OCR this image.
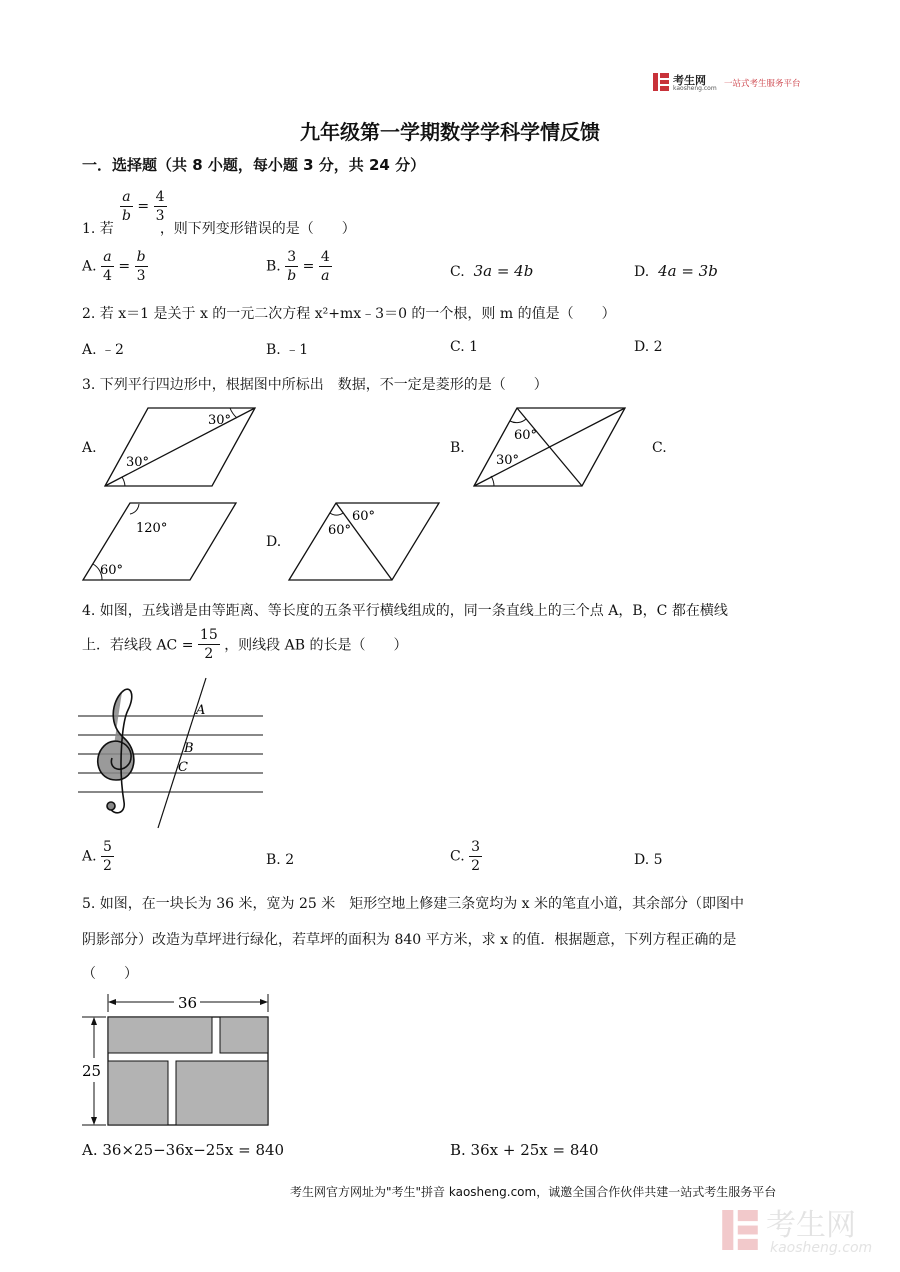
考生网
kaosheng.com 一站式考生服务平台
九年级第一学期数学学科学情反馈
一．选择题（共 8 小题，每小题 3 分，共 24 分）
$\frac{a}{b} = \frac{4}{3}$
1. 若	，则下列变形错误的是（　　）
A. $\frac{a}{4} = \frac{b}{3}$	B. $\frac{3}{b} = \frac{4}{a}$	C. 3a = 4b	D. 4a = 3b
2. 若 x＝1 是关于 x 的一元二次方程 x²+mx﹣3＝0 的一个根，则 m 的值是（　　）
A. ﹣2	B. ﹣1	C. 1	D. 2
3. 下列平行四边形中，根据图中所标出　数据，不一定是菱形的是（　　）
A.	B.	C.
D.
30°
30°
60°
30°
120°
60°
60°
60°
4. 如图，五线谱是由等距离、等长度的五条平行横线组成的，同一条直线上的三个点 A，B，C 都在横线
上．若线段 AC = $\frac{15}{2}$ ，则线段 AB 的长是（　　）
A
B
C
A. $\frac{5}{2}$	B. 2	C. $\frac{3}{2}$	D. 5
5. 如图，在一块长为 36 米，宽为 25 米　矩形空地上修建三条宽均为 x 米的笔直小道，其余部分（即图中
阴影部分）改造为草坪进行绿化，若草坪的面积为 840 平方米，求 x 的值．根据题意，下列方程正确的是
（　　）
36
25
A. 36×25−36x−25x = 840	B. 36x + 25x = 840
考生网官方网址为"考生"拼音 kaosheng.com，诚邀全国合作伙伴共建一站式考生服务平台
考生网
kaosheng.com
